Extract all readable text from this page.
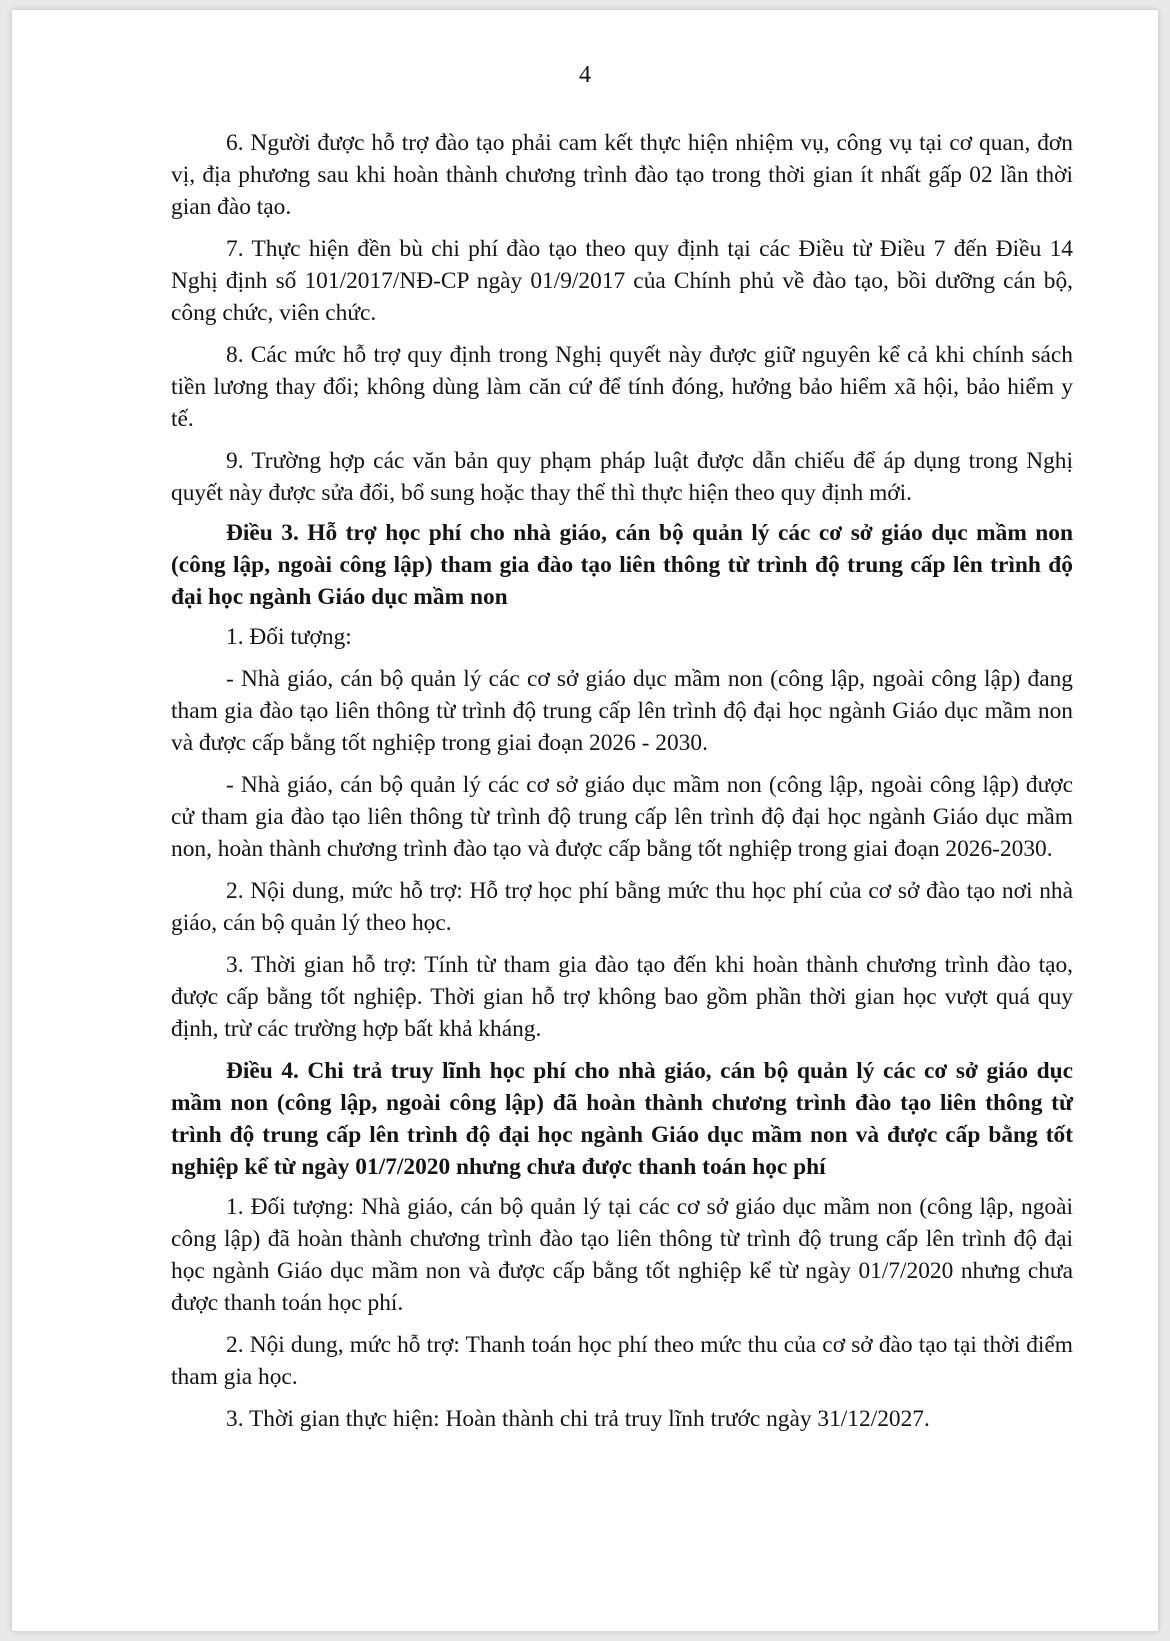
4

6. Người được hỗ trợ đào tạo phải cam kết thực hiện nhiệm vụ, công vụ tại cơ quan, đơn vị, địa phương sau khi hoàn thành chương trình đào tạo trong thời gian ít nhất gấp 02 lần thời gian đào tạo.

7. Thực hiện đền bù chi phí đào tạo theo quy định tại các Điều từ Điều 7 đến Điều 14 Nghị định số 101/2017/NĐ-CP ngày 01/9/2017 của Chính phủ về đào tạo, bồi dưỡng cán bộ, công chức, viên chức.

8. Các mức hỗ trợ quy định trong Nghị quyết này được giữ nguyên kể cả khi chính sách tiền lương thay đổi; không dùng làm căn cứ để tính đóng, hưởng bảo hiểm xã hội, bảo hiểm y tế.

9. Trường hợp các văn bản quy phạm pháp luật được dẫn chiếu để áp dụng trong Nghị quyết này được sửa đổi, bổ sung hoặc thay thế thì thực hiện theo quy định mới.

Điều 3. Hỗ trợ học phí cho nhà giáo, cán bộ quản lý các cơ sở giáo dục mầm non (công lập, ngoài công lập) tham gia đào tạo liên thông từ trình độ trung cấp lên trình độ đại học ngành Giáo dục mầm non

1. Đối tượng:

- Nhà giáo, cán bộ quản lý các cơ sở giáo dục mầm non (công lập, ngoài công lập) đang tham gia đào tạo liên thông từ trình độ trung cấp lên trình độ đại học ngành Giáo dục mầm non và được cấp bằng tốt nghiệp trong giai đoạn 2026 - 2030.

- Nhà giáo, cán bộ quản lý các cơ sở giáo dục mầm non (công lập, ngoài công lập) được cử tham gia đào tạo liên thông từ trình độ trung cấp lên trình độ đại học ngành Giáo dục mầm non, hoàn thành chương trình đào tạo và được cấp bằng tốt nghiệp trong giai đoạn 2026-2030.

2. Nội dung, mức hỗ trợ: Hỗ trợ học phí bằng mức thu học phí của cơ sở đào tạo nơi nhà giáo, cán bộ quản lý theo học.

3. Thời gian hỗ trợ: Tính từ tham gia đào tạo đến khi hoàn thành chương trình đào tạo, được cấp bằng tốt nghiệp. Thời gian hỗ trợ không bao gồm phần thời gian học vượt quá quy định, trừ các trường hợp bất khả kháng.

Điều 4. Chi trả truy lĩnh học phí cho nhà giáo, cán bộ quản lý các cơ sở giáo dục mầm non (công lập, ngoài công lập) đã hoàn thành chương trình đào tạo liên thông từ trình độ trung cấp lên trình độ đại học ngành Giáo dục mầm non và được cấp bằng tốt nghiệp kể từ ngày 01/7/2020 nhưng chưa được thanh toán học phí

1. Đối tượng: Nhà giáo, cán bộ quản lý tại các cơ sở giáo dục mầm non (công lập, ngoài công lập) đã hoàn thành chương trình đào tạo liên thông từ trình độ trung cấp lên trình độ đại học ngành Giáo dục mầm non và được cấp bằng tốt nghiệp kể từ ngày 01/7/2020 nhưng chưa được thanh toán học phí.

2. Nội dung, mức hỗ trợ: Thanh toán học phí theo mức thu của cơ sở đào tạo tại thời điểm tham gia học.

3. Thời gian thực hiện: Hoàn thành chi trả truy lĩnh trước ngày 31/12/2027.
